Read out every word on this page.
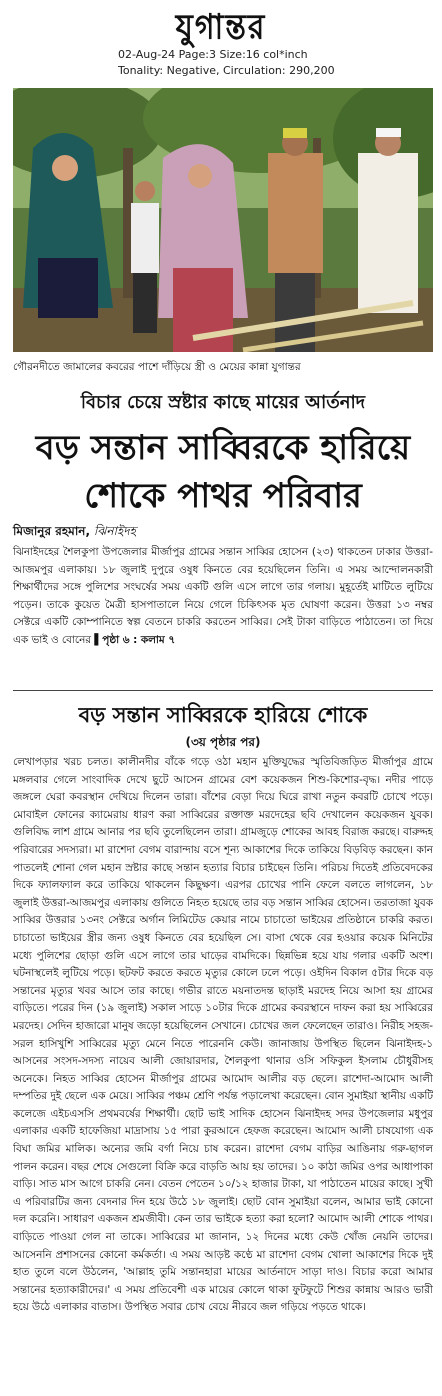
যুগান্তর
02-Aug-24 Page:3 Size:16 col*inch
Tonality: Negative, Circulation: 290,200
গৌরনদীতে জামালের কবরের পাশে দাঁড়িয়ে স্ত্রী ও মেয়ের কান্না যুগান্তর
বিচার চেয়ে স্রষ্টার কাছে মায়ের আর্তনাদ
বড় সন্তান সাব্বিরকে হারিয়ে
শোকে পাথর পরিবার
মিজানুর রহমান, ঝিনাইদহ
ঝিনাইদহের শৈলকুপা উপজেলার মীর্জাপুর গ্রামের সন্তান সাব্বির হোসেন (২৩) থাকতেন ঢাকার উত্তরা-আজমপুর এলাকায়। ১৮ জুলাই দুপুরে ওষুধ কিনতে বের হয়েছিলেন তিনি। এ সময় আন্দোলনকারী শিক্ষার্থীদের সঙ্গে পুলিশের সংঘর্ষের সময় একটি গুলি এসে লাগে তার গলায়। মুহূর্তেই মাটিতে লুটিয়ে পড়েন। তাকে কুয়েত মৈত্রী হাসপাতালে নিয়ে গেলে চিকিৎসক মৃত ঘোষণা করেন। উত্তরা ১৩ নম্বর সেক্টরে একটি কোম্পানিতে স্বল্প বেতনে চাকরি করতেন সাব্বির। সেই টাকা বাড়িতে পাঠাতেন। তা দিয়ে এক ভাই ও বোনের ▌পৃষ্ঠা ৬ : কলাম ৭
বড় সন্তান সাব্বিরকে হারিয়ে শোকে
(৩য় পৃষ্ঠার পর)
লেখাপড়ার খরচ চলত। কালীনদীর বাঁকে গড়ে ওঠা মহান মুক্তিযুদ্ধের স্মৃতিবিজড়িত মীর্জাপুর গ্রামে মঙ্গলবার গেলে সাংবাদিক দেখে ছুটে আসেন গ্রামের বেশ কয়েকজন শিশু-কিশোর-বৃদ্ধ। নদীর পাড়ে জঙ্গলে ঘেরা কবরস্থান দেখিয়ে দিলেন তারা। বাঁশের বেড়া দিয়ে ঘিরে রাখা নতুন কবরটি চোখে পড়ে। মোবাইল ফোনের ক্যামেরায় ধারণ করা সাব্বিরের রক্তাক্ত মরদেহের ছবি দেখালেন কয়েকজন যুবক। গুলিবিদ্ধ লাশ গ্রামে আনার পর ছবি তুলেছিলেন তারা। গ্রামজুড়ে শোকের আবহ বিরাজ করছে। বারুদ্দহ পরিবারের সদস্যরা। মা রাশেদা বেগম বারান্দায় বসে শূন্য আকাশের দিকে তাকিয়ে বিড়বিড় করছেন। কান পাতলেই শোনা গেল মহান স্রষ্টার কাছে সন্তান হত্যার বিচার চাইছেন তিনি। পরিচয় দিতেই প্রতিবেদকের দিকে ফ্যালফ্যাল করে তাকিয়ে থাকলেন কিছুক্ষণ। এরপর চোখের পানি ফেলে বলতে লাগলেন, ১৮ জুলাই উত্তরা-আজমপুর এলাকায় গুলিতে নিহত হয়েছে তার বড় সন্তান সাব্বির হোসেন। তরতাজা যুবক সাব্বির উত্তরার ১৩নং সেক্টরে অর্গান লিমিটেড কেয়ার নামে চাচাতো ভাইয়ের প্রতিষ্ঠানে চাকরি করত। চাচাতো ভাইয়ের স্ত্রীর জন্য ওষুধ কিনতে বের হয়েছিল সে। বাসা থেকে বের হওয়ার কয়েক মিনিটের মধ্যে পুলিশের ছোড়া গুলি এসে লাগে তার ঘাড়ের বামদিকে। ছিন্নভিন্ন হয়ে যায় গলার একটি অংশ। ঘটনাস্থলেই লুটিয়ে পড়ে। ছটফট করতে করতে মৃত্যুর কোলে ঢলে পড়ে। ওইদিন বিকাল ৫টার দিকে বড় সন্তানের মৃত্যুর খবর আসে তার কাছে। গভীর রাতে ময়নাতদন্ত ছাড়াই মরদেহ নিয়ে আসা হয় গ্রামের বাড়িতে। পরের দিন (১৯ জুলাই) সকাল সাড়ে ১০টার দিকে গ্রামের কবরস্থানে দাফন করা হয় সাব্বিরের মরদেহ। সেদিন হাজারো মানুষ জড়ো হয়েছিলেন সেখানে। চোখের জল ফেলেছেন তারাও। নিরীহ সহজ-সরল হাসিখুশি সাব্বিরের মৃত্যু মেনে নিতে পারেননি কেউ। জানাজায় উপস্থিত ছিলেন ঝিনাইদহ-১ আসনের সংসদ-সদস্য নায়েব আলী জোয়ারদার, শৈলকুপা থানার ওসি সফিকুল ইসলাম চৌধুরীসহ অনেকে। নিহত সাব্বির হোসেন মীর্জাপুর গ্রামের আমোদ আলীর বড় ছেলে। রাশেদা-আমোদ আলী দম্পতির দুই ছেলে এক মেয়ে। সাব্বির পঞ্চম শ্রেণি পর্যন্ত পড়ালেখা করেছেন। বোন সুমাইয়া স্থানীয় একটি কলেজে এইচএসসি প্রথমবর্ষের শিক্ষার্থী। ছোট ভাই সাদিক হোসেন ঝিনাইদহ সদর উপজেলার মধুপুর এলাকার একটি হাফেজিয়া মাদ্রাসায় ১৫ পারা কুরআনে হেফজ করেছেন। আমোদ আলী চাষযোগ্য এক বিঘা জমির মালিক। অন্যের জমি বর্গা নিয়ে চাষ করেন। রাশেদা বেগম বাড়ির আঙিনায় গরু-ছাগল পালন করেন। বছর শেষে সেগুলো বিক্রি করে বাড়তি আয় হয় তাদের। ১০ কাঠা জমির ওপর আধাপাকা বাড়ি। সাত মাস আগে চাকরি নেন। বেতন পেতেন ১০/১২ হাজার টাকা, যা পাঠাতেন মায়ের কাছে। সুখী এ পরিবারটির জন্য বেদনার দিন হয়ে উঠে ১৮ জুলাই। ছোট বোন সুমাইয়া বলেন, আমার ভাই কোনো দল করেনি। সাধারণ একজন শ্রমজীবী। কেন তার ভাইকে হত্যা করা হলো? আমোদ আলী শোকে পাথর। বাড়িতে পাওয়া গেল না তাকে। সাব্বিরের মা জানান, ১২ দিনের মধ্যে কেউ খোঁজ নেয়নি তাদের। আসেননি প্রশাসনের কোনো কর্মকর্তা। এ সময় আড়ষ্ট কণ্ঠে মা রাশেদা বেগম খোলা আকাশের দিকে দুই হাত তুলে বলে উঠলেন, 'আল্লাহ তুমি সন্তানহারা মায়ের আর্তনাদে সাড়া দাও। বিচার করো আমার সন্তানের হত্যাকারীদের।' এ সময় প্রতিবেশী এক মায়ের কোলে থাকা ফুটফুটে শিশুর কান্নায় আরও ভারী হয়ে উঠে এলাকার বাতাস। উপস্থিত সবার চোখ বেয়ে নীরবে জল গড়িয়ে পড়তে থাকে।
